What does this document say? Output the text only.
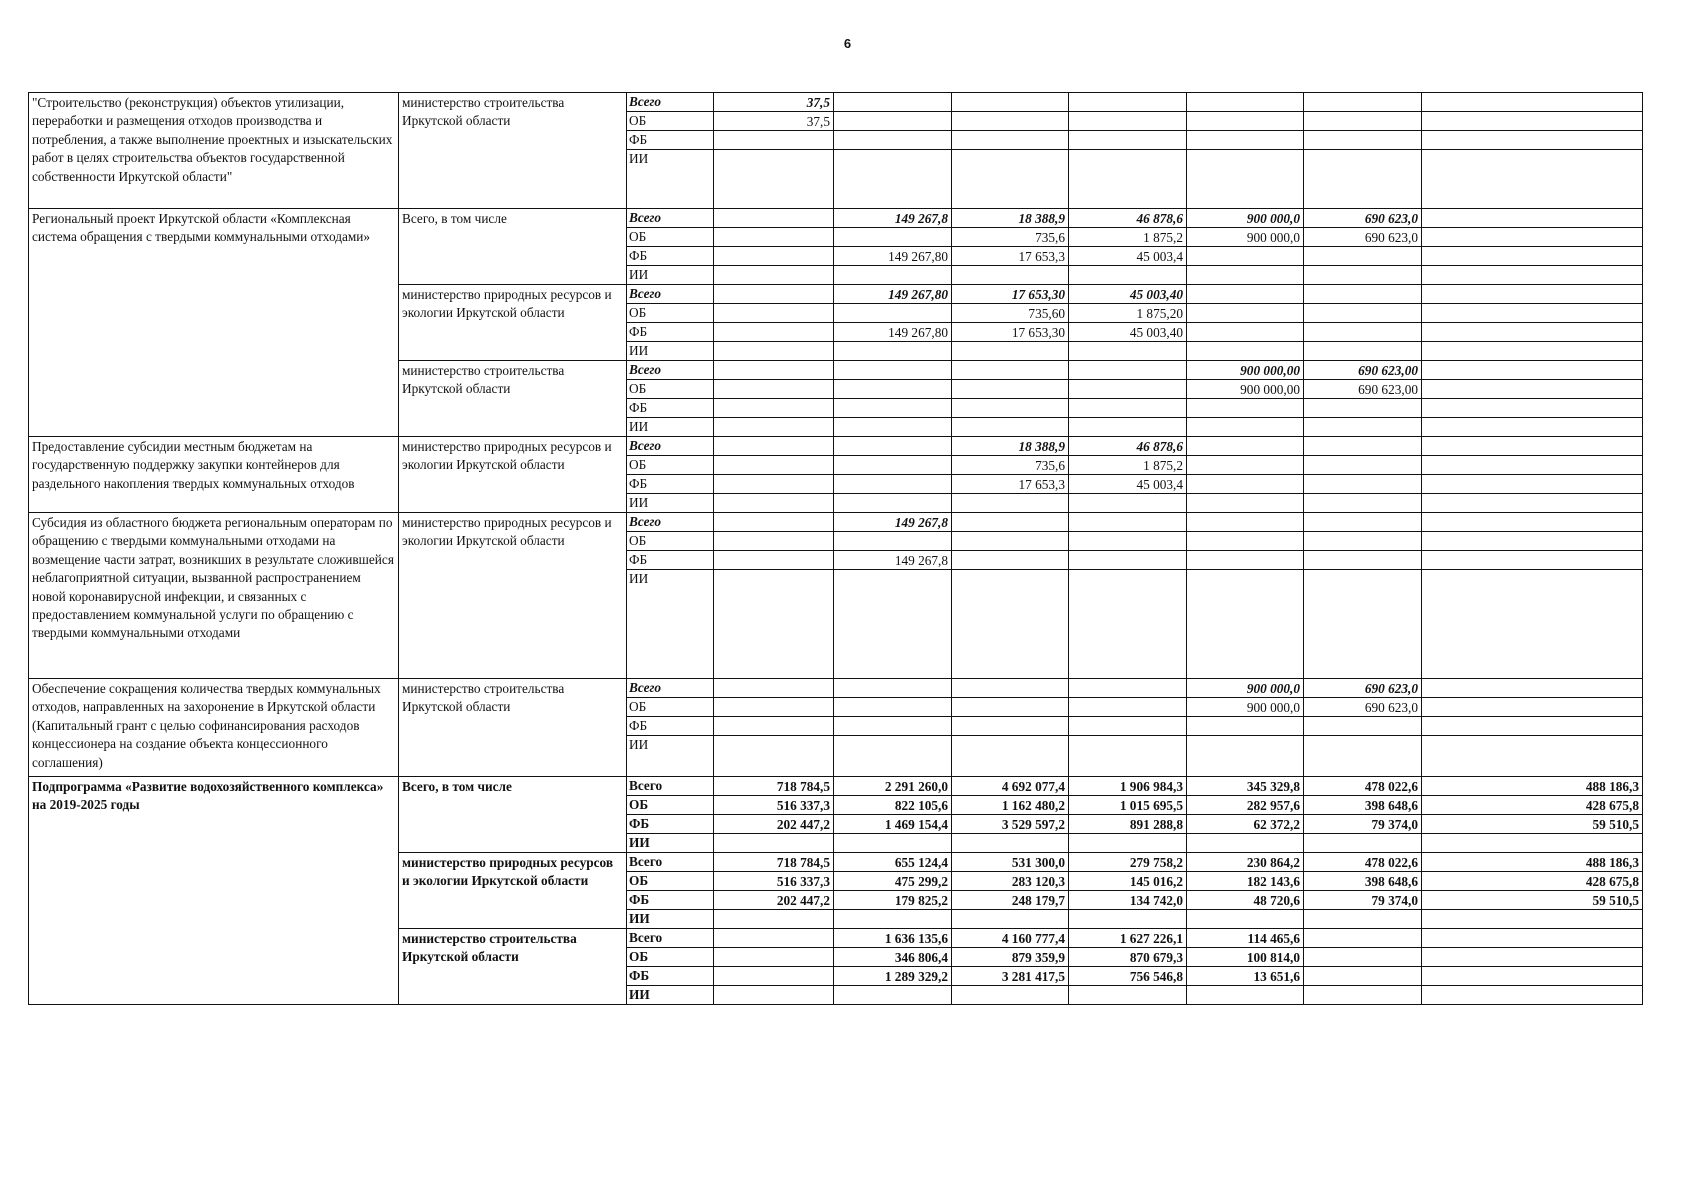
6
"Строительство (реконструкция) объектов утилизации, переработки и размещения отходов производства и потребления, а также выполнение проектных и изыскательских работ в целях строительства объектов государственной собственности Иркутской области"	министерство строительства Иркутской области	Всего	37,5						
		ОБ	37,5						
		ФБ							
		ИИ							
Региональный проект Иркутской области «Комплексная система обращения с твердыми коммунальными отходами»	Всего, в том числе	Всего		149 267,8	18 388,9	46 878,6	900 000,0	690 623,0	
		ОБ			735,6	1 875,2	900 000,0	690 623,0	
		ФБ		149 267,80	17 653,3	45 003,4			
		ИИ							
	министерство природных ресурсов и экологии Иркутской области	Всего		149 267,80	17 653,30	45 003,40			
		ОБ			735,60	1 875,20			
		ФБ		149 267,80	17 653,30	45 003,40			
		ИИ							
	министерство строительства Иркутской области	Всего					900 000,00	690 623,00	
		ОБ					900 000,00	690 623,00	
		ФБ							
		ИИ							
Предоставление субсидии местным бюджетам на государственную поддержку закупки контейнеров для раздельного накопления твердых коммунальных отходов	министерство природных ресурсов и экологии Иркутской области	Всего			18 388,9	46 878,6			
		ОБ			735,6	1 875,2			
		ФБ			17 653,3	45 003,4			
		ИИ							
Субсидия из областного бюджета региональным операторам по обращению с твердыми коммунальными отходами на возмещение части затрат, возникших в результате сложившейся неблагоприятной ситуации, вызванной распространением новой коронавирусной инфекции, и связанных с предоставлением коммунальной услуги по обращению с твердыми коммунальными отходами	министерство природных ресурсов и экологии Иркутской области	Всего		149 267,8					
		ОБ							
		ФБ		149 267,8					
		ИИ							
Обеспечение сокращения количества твердых коммунальных отходов, направленных на захоронение в Иркутской области (Капитальный грант с целью софинансирования расходов концессионера на создание объекта концессионного соглашения)	министерство строительства Иркутской области	Всего					900 000,0	690 623,0	
		ОБ					900 000,0	690 623,0	
		ФБ							
		ИИ							
Подпрограмма «Развитие водохозяйственного комплекса» на 2019-2025 годы	Всего, в том числе	Всего	718 784,5	2 291 260,0	4 692 077,4	1 906 984,3	345 329,8	478 022,6	488 186,3
		ОБ	516 337,3	822 105,6	1 162 480,2	1 015 695,5	282 957,6	398 648,6	428 675,8
		ФБ	202 447,2	1 469 154,4	3 529 597,2	891 288,8	62 372,2	79 374,0	59 510,5
		ИИ							
	министерство природных ресурсов и экологии Иркутской области	Всего	718 784,5	655 124,4	531 300,0	279 758,2	230 864,2	478 022,6	488 186,3
		ОБ	516 337,3	475 299,2	283 120,3	145 016,2	182 143,6	398 648,6	428 675,8
		ФБ	202 447,2	179 825,2	248 179,7	134 742,0	48 720,6	79 374,0	59 510,5
		ИИ							
	министерство строительства Иркутской области	Всего		1 636 135,6	4 160 777,4	1 627 226,1	114 465,6		
		ОБ		346 806,4	879 359,9	870 679,3	100 814,0		
		ФБ		1 289 329,2	3 281 417,5	756 546,8	13 651,6		
		ИИ							
